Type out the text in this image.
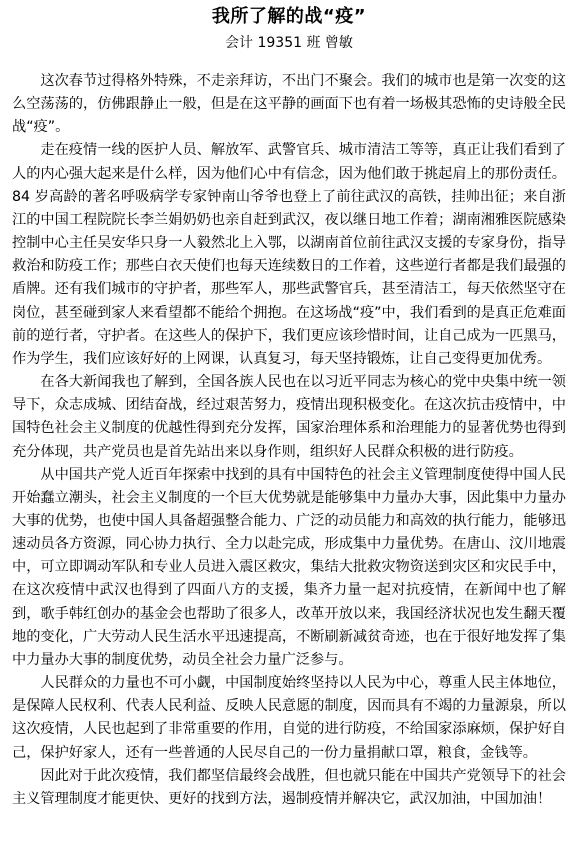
我所了解的战“疫”
会计 19351 班 曾敏

这次春节过得格外特殊，不走亲拜访，不出门不聚会。我们的城市也是第一次变的这么空荡荡的，仿佛跟静止一般，但是在这平静的画面下也有着一场极其恐怖的史诗般全民战“疫”。

走在疫情一线的医护人员、解放军、武警官兵、城市清洁工等等，真正让我们看到了人的内心强大起来是什么样，因为他们心中有信念，因为他们敢于挑起肩上的那份责任。 84 岁高龄的著名呼吸病学专家钟南山爷爷也登上了前往武汉的高铁，挂帅出征；来自浙江的中国工程院院长李兰娟奶奶也亲自赶到武汉，夜以继日地工作着；湖南湘雅医院感染控制中心主任吴安华只身一人毅然北上入鄂，以湖南首位前往武汉支援的专家身份，指导救治和防疫工作；那些白衣天使们也每天连续数日的工作着，这些逆行者都是我们最强的盾牌。还有我们城市的守护者，那些军人，那些武警官兵，甚至清洁工，每天依然坚守在岗位，甚至碰到家人来看望都不能给个拥抱。在这场战“疫”中，我们看到的是真正危难面前的逆行者，守护者。在这些人的保护下，我们更应该珍惜时间，让自己成为一匹黑马，作为学生，我们应该好好的上网课，认真复习，每天坚持锻炼，让自己变得更加优秀。

在各大新闻我也了解到，全国各族人民也在以习近平同志为核心的党中央集中统一领导下，众志成城、团结奋战，经过艰苦努力，疫情出现积极变化。在这次抗击疫情中，中国特色社会主义制度的优越性得到充分发挥，国家治理体系和治理能力的显著优势也得到充分体现，共产党员也是首先站出来以身作则，组织好人民群众积极的进行防疫。

从中国共产党人近百年探索中找到的具有中国特色的社会主义管理制度使得中国人民开始蠢立潮头，社会主义制度的一个巨大优势就是能够集中力量办大事，因此集中力量办大事的优势，也使中国人具备超强整合能力、广泛的动员能力和高效的执行能力，能够迅速动员各方资源，同心协力执行、全力以赴完成，形成集中力量优势。在唐山、汶川地震中，可立即调动军队和专业人员进入震区救灾，集结大批救灾物资送到灾区和灾民手中，在这次疫情中武汉也得到了四面八方的支援，集齐力量一起对抗疫情，在新闻中也了解到，歌手韩红创办的基金会也帮助了很多人，改革开放以来，我国经济状况也发生翻天覆地的变化，广大劳动人民生活水平迅速提高，不断刷新减贫奇迹，也在于很好地发挥了集中力量办大事的制度优势，动员全社会力量广泛参与。

人民群众的力量也不可小觑，中国制度始终坚持以人民为中心，尊重人民主体地位，是保障人民权利、代表人民利益、反映人民意愿的制度，因而具有不竭的力量源泉，所以这次疫情，人民也起到了非常重要的作用，自觉的进行防疫，不给国家添麻烦，保护好自己，保护好家人，还有一些普通的人民尽自己的一份力量捐献口罩，粮食，金钱等。

因此对于此次疫情，我们都坚信最终会战胜，但也就只能在中国共产党领导下的社会主义管理制度才能更快、更好的找到方法，遏制疫情并解决它，武汉加油，中国加油！
